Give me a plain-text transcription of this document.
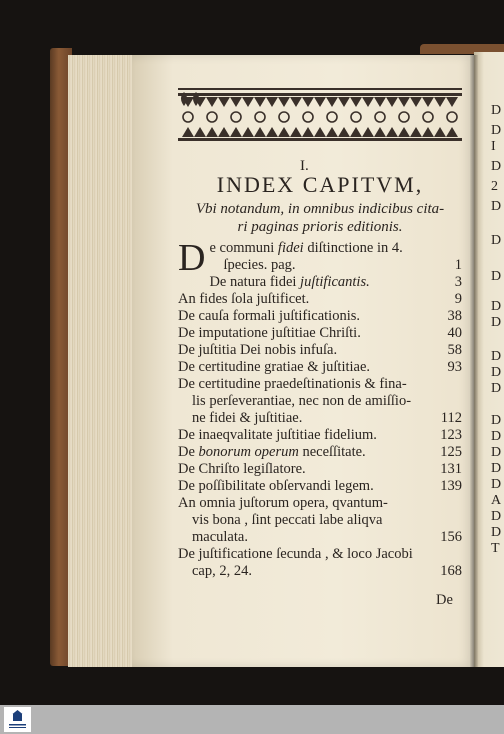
I.
INDEX CAPITVM,
Vbi notandum, in omnibus indicibus cita-
ri paginas prioris editionis.
D e communi fidei diſtinctione in 4.
ſpecies. pag.	1
De natura fidei juſtificantis.	3
An fides ſola juſtificet.	9
De cauſa formali juſtificationis.	38
De imputatione juſtitiae Chriſti.	40
De juſtitia Dei nobis infuſa.	58
De certitudine gratiae & juſtitiae.	93
De certitudine praedeſtinationis & fina-
lis perſeverantiae, nec non de amiſſio-
ne fidei & juſtitiae.	112
De inaeqvalitate juſtitiae fidelium.	123
De bonorum operum neceſſitate.	125
De Chriſto legiſlatore.	131
De poſſibilitate obſervandi legem.	139
An omnia juſtorum opera, qvantum-
vis bona , ſint peccati labe aliqva
maculata.	156
De juſtificatione ſecunda , & loco Jacobi
cap, 2, 24.	168
De
